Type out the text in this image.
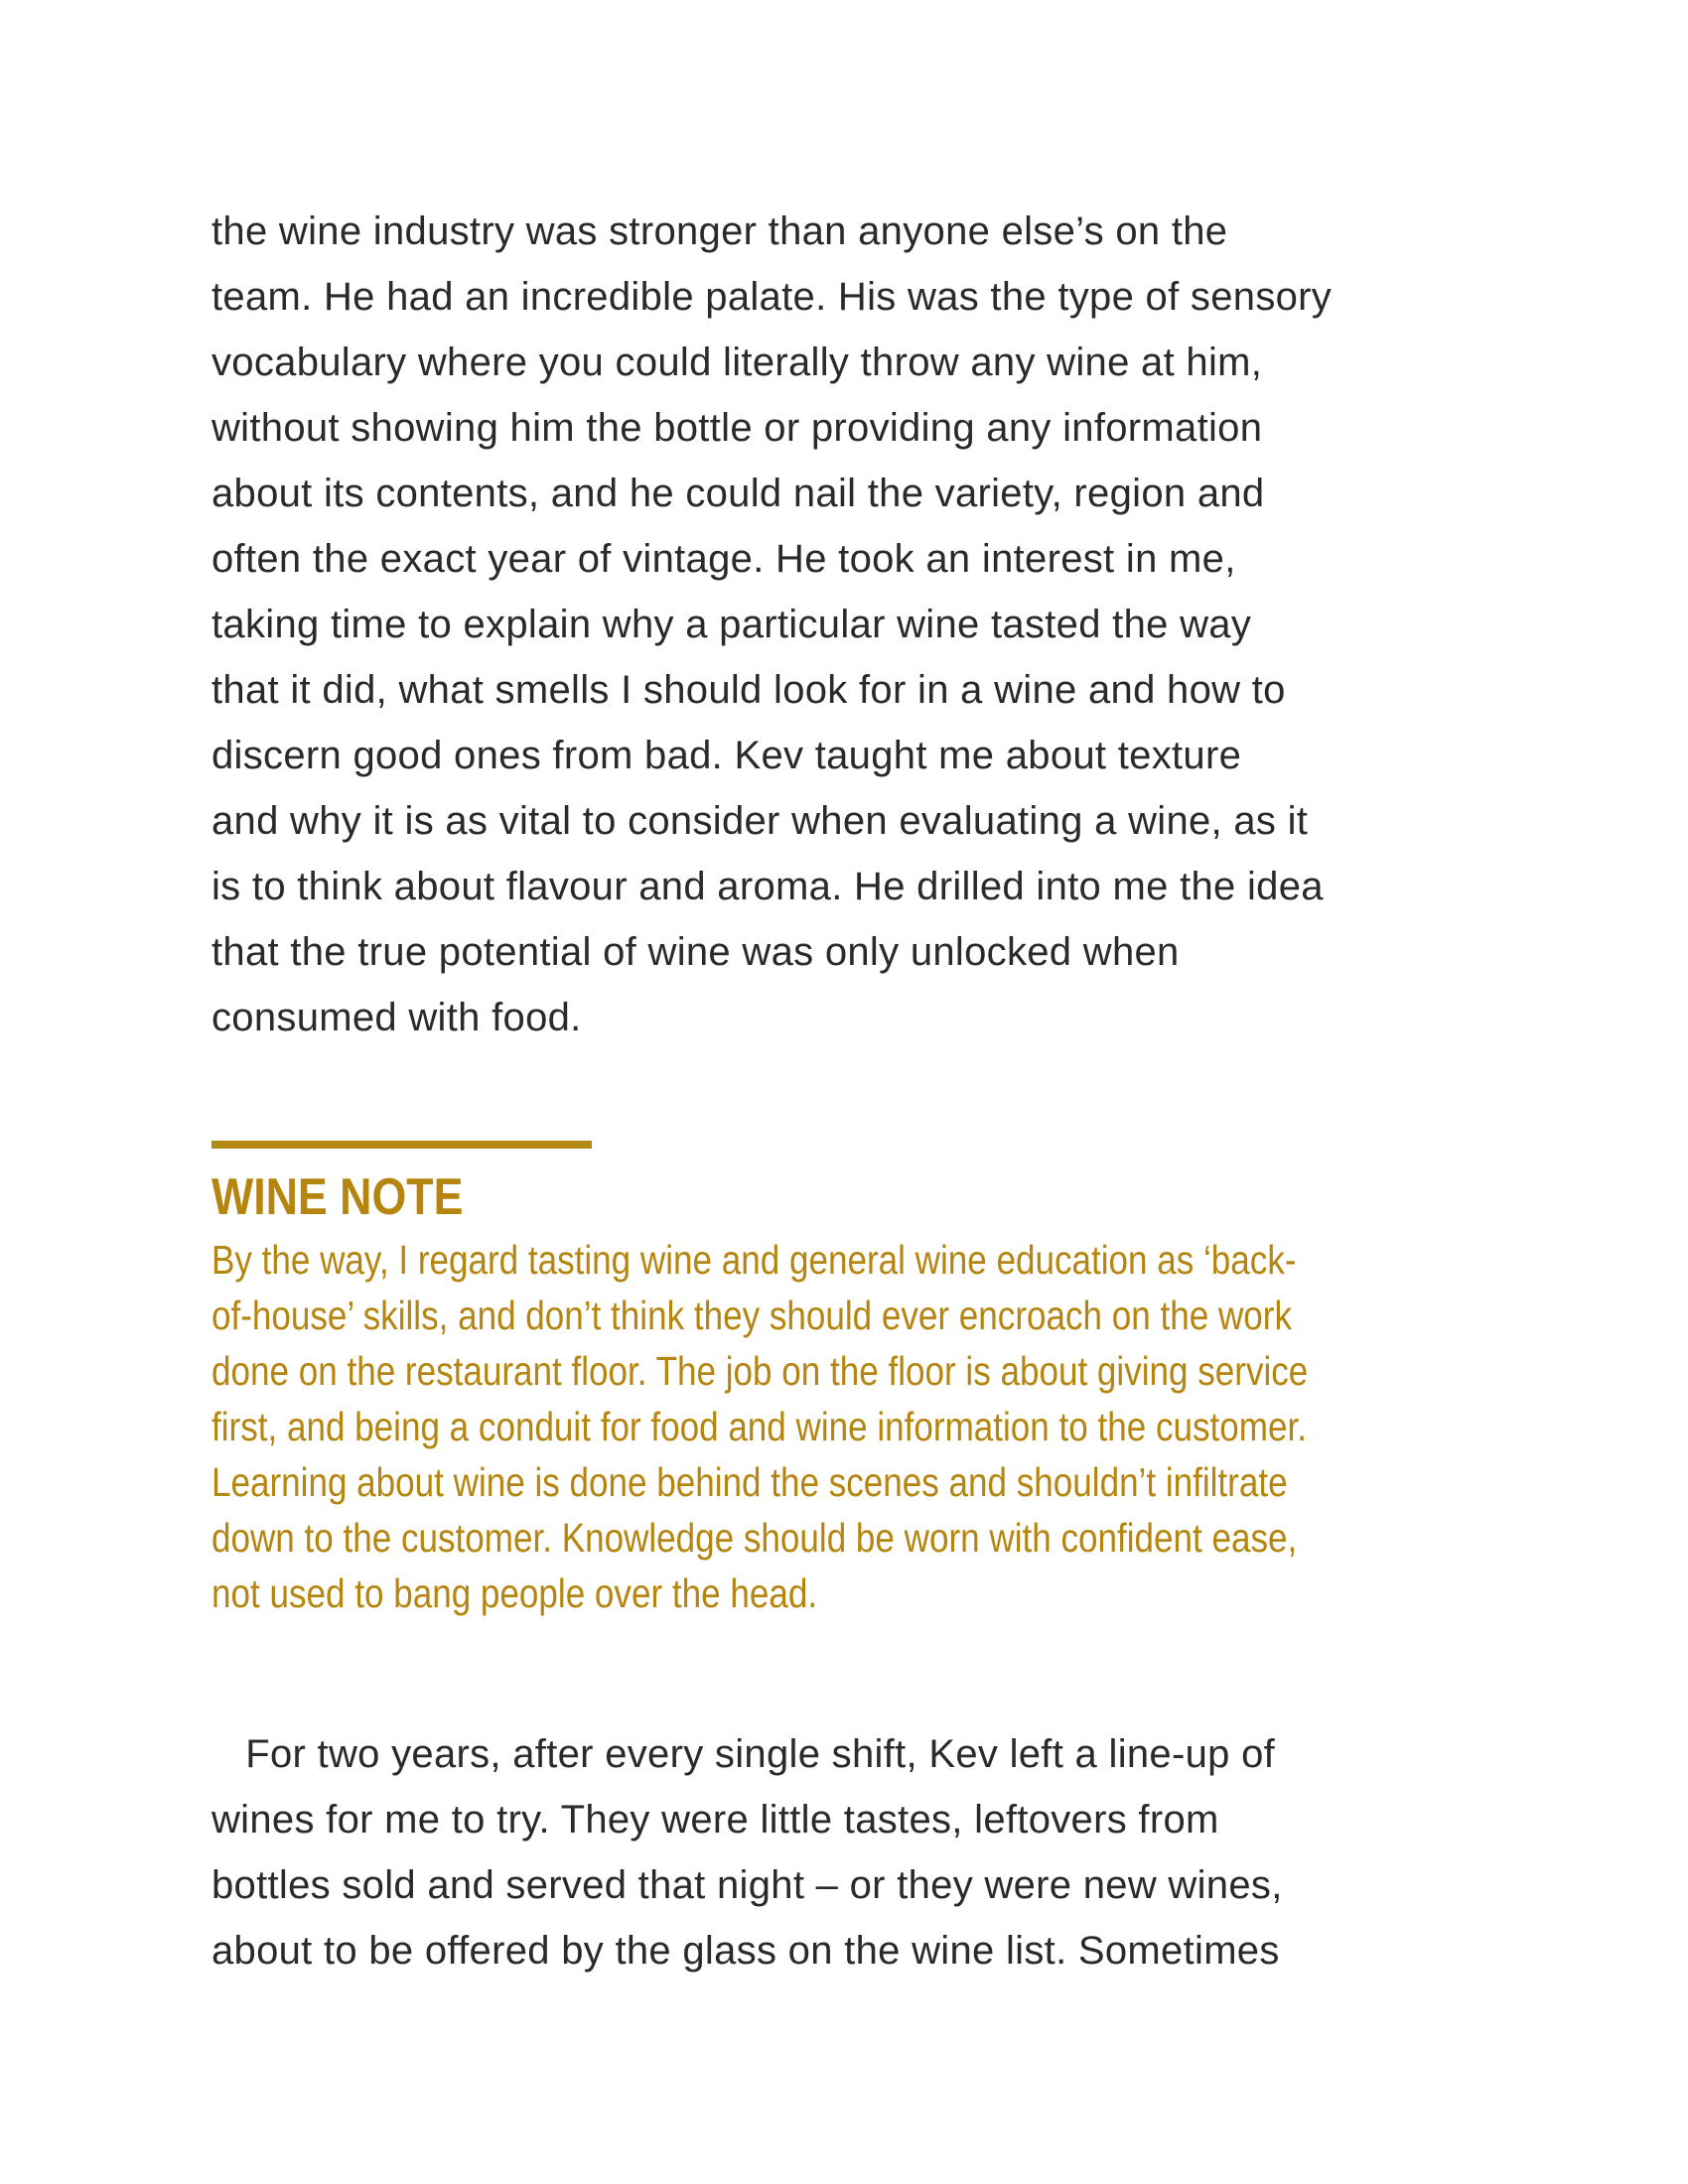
the wine industry was stronger than anyone else’s on the
team. He had an incredible palate. His was the type of sensory
vocabulary where you could literally throw any wine at him,
without showing him the bottle or providing any information
about its contents, and he could nail the variety, region and
often the exact year of vintage. He took an interest in me,
taking time to explain why a particular wine tasted the way
that it did, what smells I should look for in a wine and how to
discern good ones from bad. Kev taught me about texture
and why it is as vital to consider when evaluating a wine, as it
is to think about flavour and aroma. He drilled into me the idea
that the true potential of wine was only unlocked when
consumed with food.
WINE NOTE
By the way, I regard tasting wine and general wine education as ‘back-
of-house’ skills, and don’t think they should ever encroach on the work
done on the restaurant floor. The job on the floor is about giving service
first, and being a conduit for food and wine information to the customer.
Learning about wine is done behind the scenes and shouldn’t infiltrate
down to the customer. Knowledge should be worn with confident ease,
not used to bang people over the head.
For two years, after every single shift, Kev left a line-up of
wines for me to try. They were little tastes, leftovers from
bottles sold and served that night – or they were new wines,
about to be offered by the glass on the wine list. Sometimes
